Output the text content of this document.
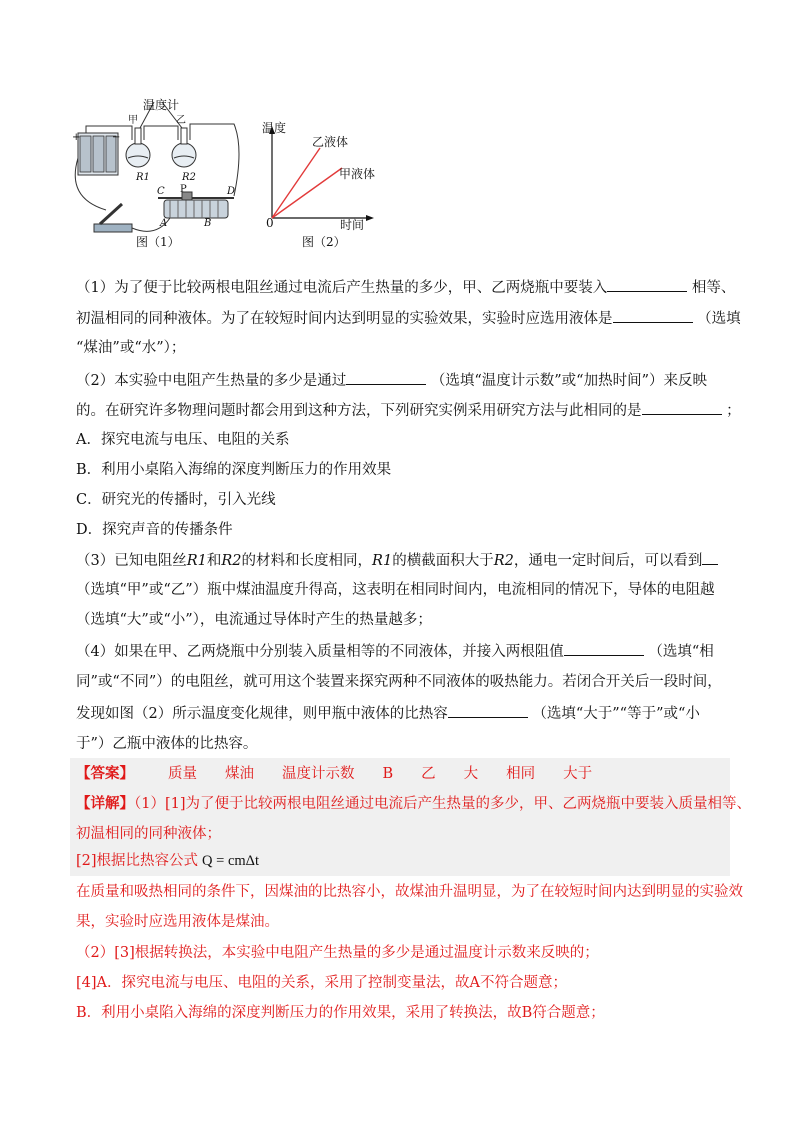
温度计
甲	乙
+	−
R1	R2
C P	D
A	B
图（1）
温度
乙液体
甲液体
0	时间
图（2）
（1）为了便于比较两根电阻丝通过电流后产生热量的多少，甲、乙两烧瓶中要装入	相等、
初温相同的同种液体。为了在较短时间内达到明显的实验效果，实验时应选用液体是	（选填
“煤油”或“水”）；
（2）本实验中电阻产生热量的多少是通过	（选填“温度计示数”或“加热时间”）来反映
的。在研究许多物理问题时都会用到这种方法，下列研究实例采用研究方法与此相同的是	；
A．探究电流与电压、电阻的关系
B．利用小桌陷入海绵的深度判断压力的作用效果
C．研究光的传播时，引入光线
D．探究声音的传播条件
（3）已知电阻丝R1和R2的材料和长度相同，R1的横截面积大于R2，通电一定时间后，可以看到
（选填“甲”或“乙”）瓶中煤油温度升得高，这表明在相同时间内，电流相同的情况下，导体的电阻越
（选填“大”或“小”），电流通过导体时产生的热量越多；
（4）如果在甲、乙两烧瓶中分别装入质量相等的不同液体，并接入两根阻值	（选填“相
同”或“不同”）的电阻丝，就可用这个装置来探究两种不同液体的吸热能力。若闭合开关后一段时间，
发现如图（2）所示温度变化规律，则甲瓶中液体的比热容	（选填“大于”“等于”或“小
于”）乙瓶中液体的比热容。
【答案】 质量 煤油 温度计示数 B 乙 大 相同 大于
【详解】（1）[1]为了便于比较两根电阻丝通过电流后产生热量的多少，甲、乙两烧瓶中要装入质量相等、
初温相同的同种液体；
[2]根据比热容公式 Q = cmΔt
在质量和吸热相同的条件下，因煤油的比热容小，故煤油升温明显，为了在较短时间内达到明显的实验效
果，实验时应选用液体是煤油。
（2）[3]根据转换法，本实验中电阻产生热量的多少是通过温度计示数来反映的；
[4]A．探究电流与电压、电阻的关系，采用了控制变量法，故A不符合题意；
B．利用小桌陷入海绵的深度判断压力的作用效果，采用了转换法，故B符合题意；
